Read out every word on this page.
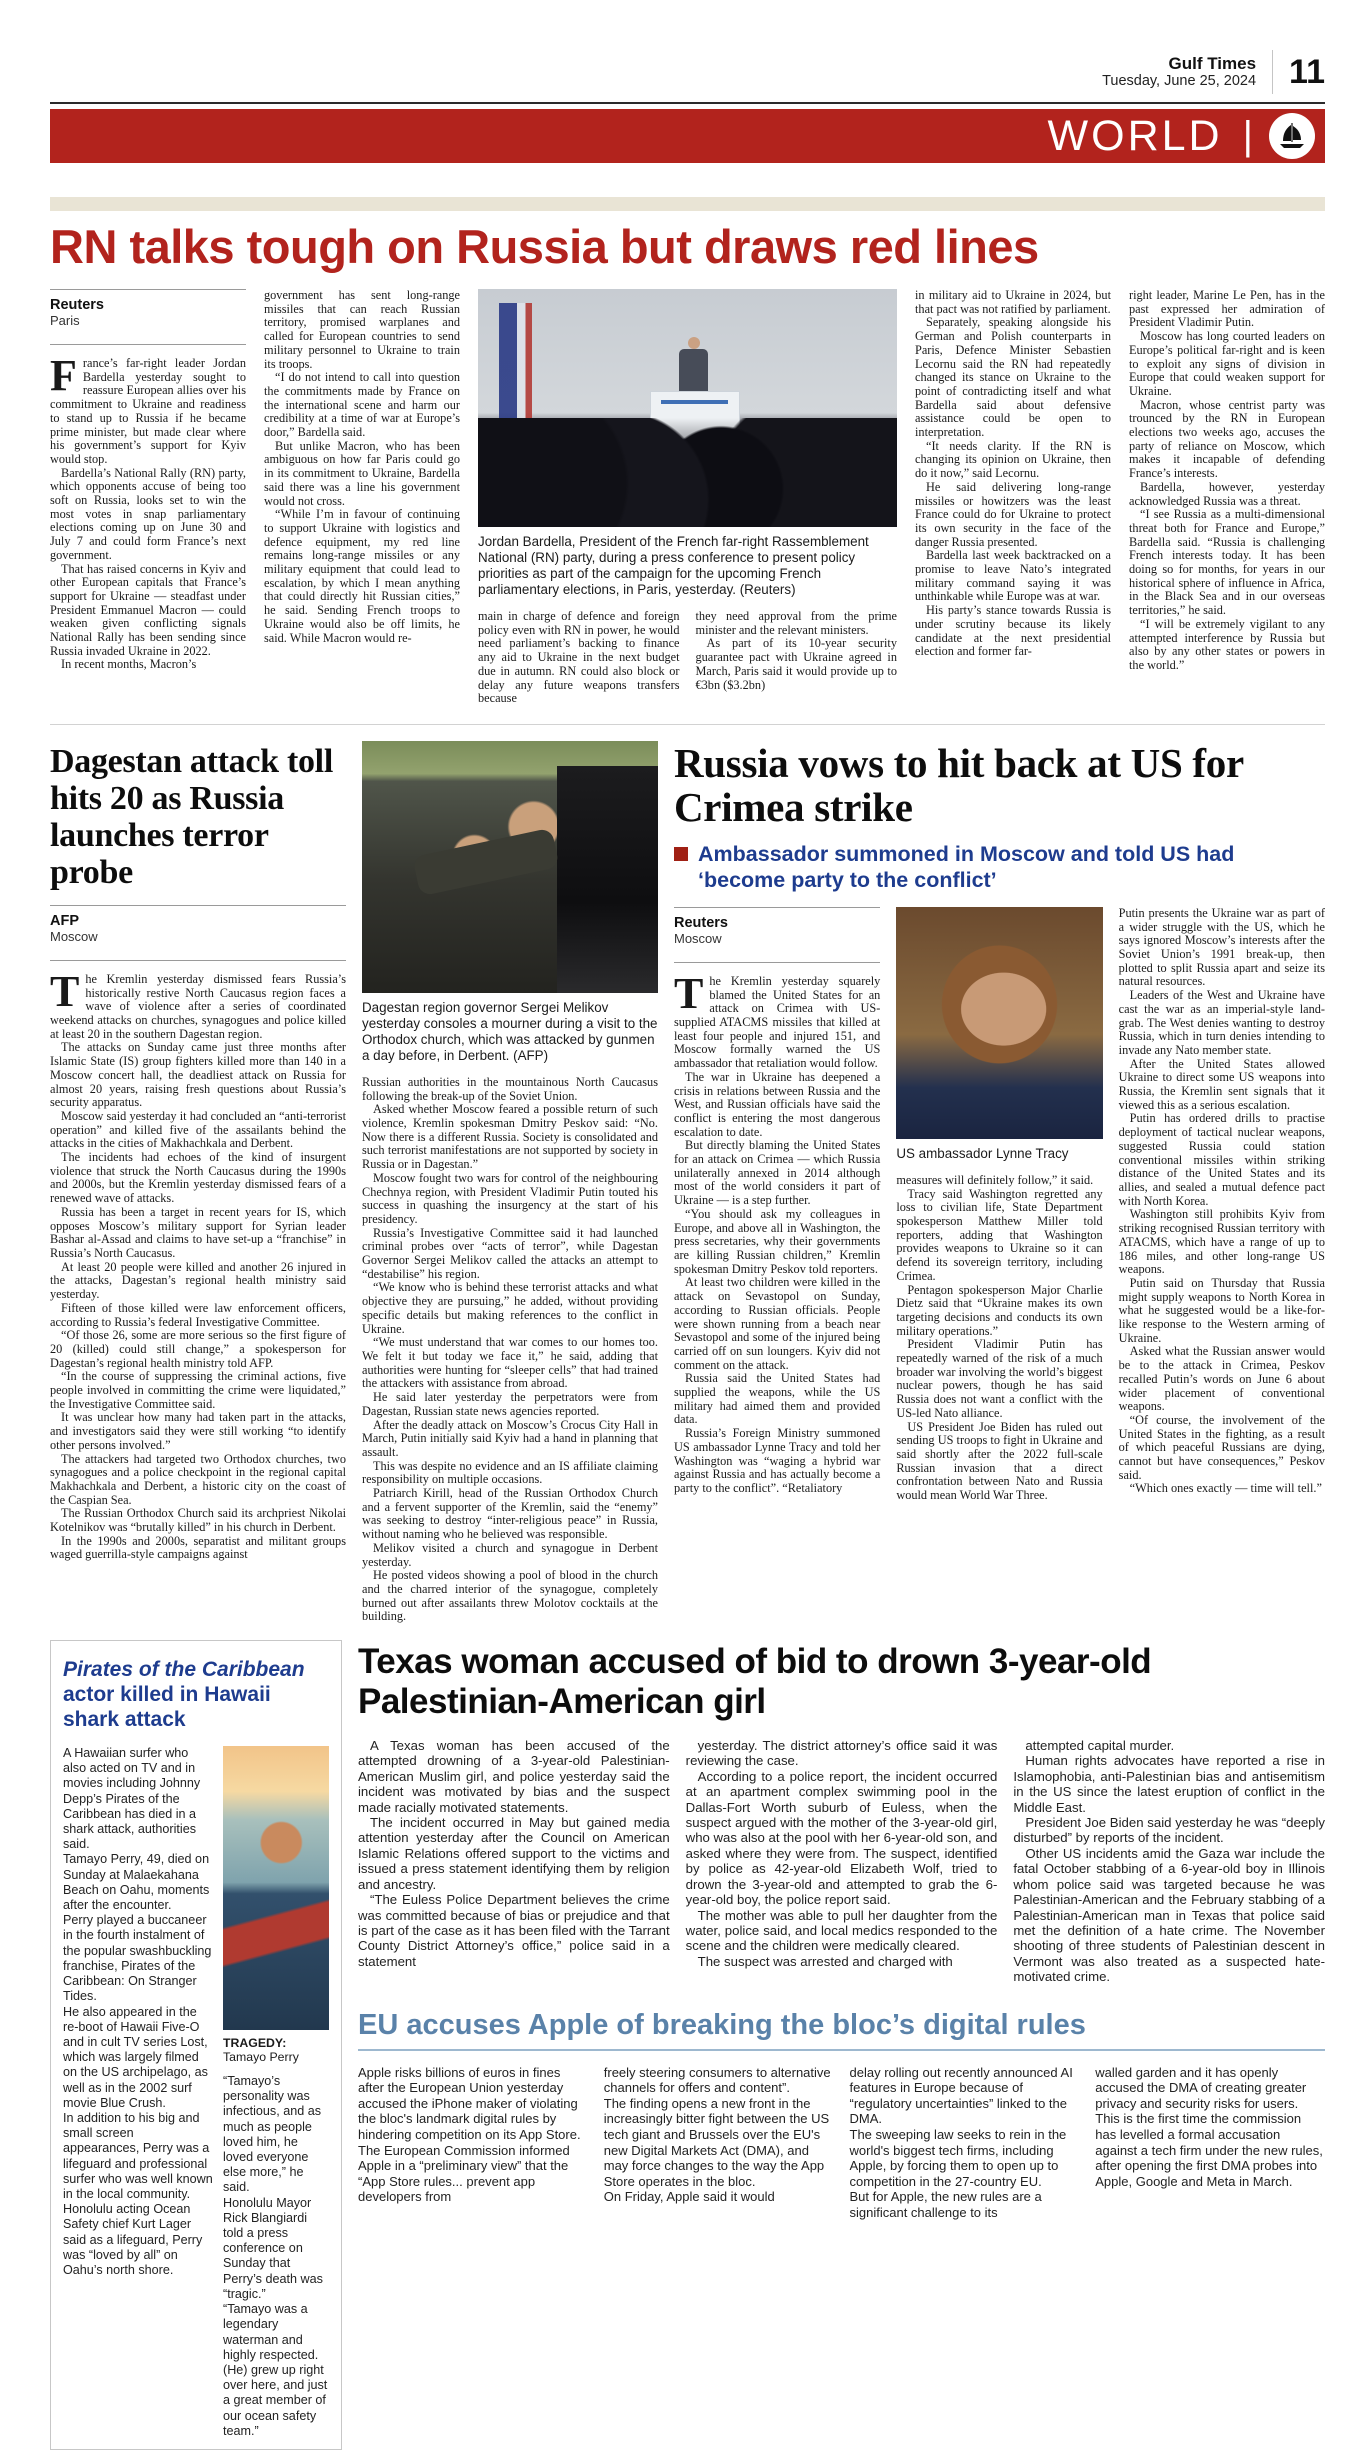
Gulf Times
Tuesday, June 25, 2024 11
WORLD |
RN talks tough on Russia but draws red lines
Reuters
Paris

France’s far-right leader Jordan Bardella yesterday sought to reassure European allies over his commitment to Ukraine and readiness to stand up to Russia if he became prime minister, but made clear where his government’s support for Kyiv would stop.

Bardella’s National Rally (RN) party, which opponents accuse of being too soft on Russia, looks set to win the most votes in snap parliamentary elections coming up on June 30 and July 7 and could form France’s next government.

That has raised concerns in Kyiv and other European capitals that France’s support for Ukraine — steadfast under President Emmanuel Macron — could weaken given conflicting signals National Rally has been sending since Russia invaded Ukraine in 2022.

In recent months, Macron’s

government has sent long-range missiles that can reach Russian territory, promised warplanes and called for European countries to send military personnel to Ukraine to train its troops.

“I do not intend to call into question the commitments made by France on the international scene and harm our credibility at a time of war at Europe’s door,” Bardella said.

But unlike Macron, who has been ambiguous on how far Paris could go in its commitment to Ukraine, Bardella said there was a line his government would not cross.

“While I’m in favour of continuing to support Ukraine with logistics and defence equipment, my red line remains long-range missiles or any military equipment that could lead to escalation, by which I mean anything that could directly hit Russian cities,” he said. Sending French troops to Ukraine would also be off limits, he said. While Macron would re-

Jordan Bardella, President of the French far-right Rassemblement National (RN) party, during a press conference to present policy priorities as part of the campaign for the upcoming French parliamentary elections, in Paris, yesterday. (Reuters)

main in charge of defence and foreign policy even with RN in power, he would need parliament’s backing to finance any aid to Ukraine in the next budget due in autumn. RN could also block or delay any future weapons transfers because

they need approval from the prime minister and the relevant ministers.

As part of its 10-year security guarantee pact with Ukraine agreed in March, Paris said it would provide up to €3bn ($3.2bn)

in military aid to Ukraine in 2024, but that pact was not ratified by parliament.

Separately, speaking alongside his German and Polish counterparts in Paris, Defence Minister Sebastien Lecornu said the RN had repeatedly changed its stance on Ukraine to the point of contradicting itself and what Bardella said about defensive assistance could be open to interpretation.

“It needs clarity. If the RN is changing its opinion on Ukraine, then do it now,” said Lecornu.

He said delivering long-range missiles or howitzers was the least France could do for Ukraine to protect its own security in the face of the danger Russia presented.

Bardella last week backtracked on a promise to leave Nato’s integrated military command saying it was unthinkable while Europe was at war.

His party’s stance towards Russia is under scrutiny because its likely candidate at the next presidential election and former far-

right leader, Marine Le Pen, has in the past expressed her admiration of President Vladimir Putin.

Moscow has long courted leaders on Europe’s political far-right and is keen to exploit any signs of division in Europe that could weaken support for Ukraine.

Macron, whose centrist party was trounced by the RN in European elections two weeks ago, accuses the party of reliance on Moscow, which makes it incapable of defending France’s interests.

Bardella, however, yesterday acknowledged Russia was a threat.

“I see Russia as a multi-dimensional threat both for France and Europe,” Bardella said. “Russia is challenging French interests today. It has been doing so for months, for years in our historical sphere of influence in Africa, in the Black Sea and in our overseas territories,” he said.

“I will be extremely vigilant to any attempted interference by Russia but also by any other states or powers in the world.”

Dagestan attack toll hits 20 as Russia launches terror probe
AFP
Moscow

The Kremlin yesterday dismissed fears Russia’s historically restive North Caucasus region faces a wave of violence after a series of coordinated weekend attacks on churches, synagogues and police killed at least 20 in the southern Dagestan region.

The attacks on Sunday came just three months after Islamic State (IS) group fighters killed more than 140 in a Moscow concert hall, the deadliest attack on Russia for almost 20 years, raising fresh questions about Russia’s security apparatus.

Moscow said yesterday it had concluded an “anti-terrorist operation” and killed five of the assailants behind the attacks in the cities of Makhachkala and Derbent.

The incidents had echoes of the kind of insurgent violence that struck the North Caucasus during the 1990s and 2000s, but the Kremlin yesterday dismissed fears of a renewed wave of attacks.

Russia has been a target in recent years for IS, which opposes Moscow’s military support for Syrian leader Bashar al-Assad and claims to have set-up a “franchise” in Russia’s North Caucasus.

At least 20 people were killed and another 26 injured in the attacks, Dagestan’s regional health ministry said yesterday.

Fifteen of those killed were law enforcement officers, according to Russia’s federal Investigative Committee.

“Of those 26, some are more serious so the first figure of 20 (killed) could still change,” a spokesperson for Dagestan’s regional health ministry told AFP.

“In the course of suppressing the criminal actions, five people involved in committing the crime were liquidated,” the Investigative Committee said.

It was unclear how many had taken part in the attacks, and investigators said they were still working “to identify other persons involved.”

The attackers had targeted two Orthodox churches, two synagogues and a police checkpoint in the regional capital Makhachkala and Derbent, a historic city on the coast of the Caspian Sea.

The Russian Orthodox Church said its archpriest Nikolai Kotelnikov was “brutally killed” in his church in Derbent.

In the 1990s and 2000s, separatist and militant groups waged guerrilla-style campaigns against

Dagestan region governor Sergei Melikov yesterday consoles a mourner during a visit to the Orthodox church, which was attacked by gunmen a day before, in Derbent. (AFP)

Russian authorities in the mountainous North Caucasus following the break-up of the Soviet Union.

Asked whether Moscow feared a possible return of such violence, Kremlin spokesman Dmitry Peskov said: “No. Now there is a different Russia. Society is consolidated and such terrorist manifestations are not supported by society in Russia or in Dagestan.”

Moscow fought two wars for control of the neighbouring Chechnya region, with President Vladimir Putin touted his success in quashing the insurgency at the start of his presidency.

Russia’s Investigative Committee said it had launched criminal probes over “acts of terror”, while Dagestan Governor Sergei Melikov called the attacks an attempt to “destabilise” his region.

“We know who is behind these terrorist attacks and what objective they are pursuing,” he added, without providing specific details but making references to the conflict in Ukraine.

“We must understand that war comes to our homes too. We felt it but today we face it,” he said, adding that authorities were hunting for “sleeper cells” that had trained the attackers with assistance from abroad.

He said later yesterday the perpetrators were from Dagestan, Russian state news agencies reported.

After the deadly attack on Moscow’s Crocus City Hall in March, Putin initially said Kyiv had a hand in planning that assault.

This was despite no evidence and an IS affiliate claiming responsibility on multiple occasions.

Patriarch Kirill, head of the Russian Orthodox Church and a fervent supporter of the Kremlin, said the “enemy” was seeking to destroy “inter-religious peace” in Russia, without naming who he believed was responsible.

Melikov visited a church and synagogue in Derbent yesterday.

He posted videos showing a pool of blood in the church and the charred interior of the synagogue, completely burned out after assailants threw Molotov cocktails at the building.

Russia vows to hit back at US for Crimea strike
Ambassador summoned in Moscow and told US had ‘become party to the conflict’
Reuters
Moscow

The Kremlin yesterday squarely blamed the United States for an attack on Crimea with US-supplied ATACMS missiles that killed at least four people and injured 151, and Moscow formally warned the US ambassador that retaliation would follow.

The war in Ukraine has deepened a crisis in relations between Russia and the West, and Russian officials have said the conflict is entering the most dangerous escalation to date.

But directly blaming the United States for an attack on Crimea — which Russia unilaterally annexed in 2014 although most of the world considers it part of Ukraine — is a step further.

“You should ask my colleagues in Europe, and above all in Washington, the press secretaries, why their governments are killing Russian children,” Kremlin spokesman Dmitry Peskov told reporters.

At least two children were killed in the attack on Sevastopol on Sunday, according to Russian officials. People were shown running from a beach near Sevastopol and some of the injured being carried off on sun loungers. Kyiv did not comment on the attack.

Russia said the United States had supplied the weapons, while the US military had aimed them and provided data.

Russia’s Foreign Ministry summoned US ambassador Lynne Tracy and told her Washington was “waging a hybrid war against Russia and has actually become a party to the conflict”. “Retaliatory

US ambassador Lynne Tracy

measures will definitely follow,” it said.

Tracy said Washington regretted any loss to civilian life, State Department spokesperson Matthew Miller told reporters, adding that Washington provides weapons to Ukraine so it can defend its sovereign territory, including Crimea.

Pentagon spokesperson Major Charlie Dietz said that “Ukraine makes its own targeting decisions and conducts its own military operations.”

President Vladimir Putin has repeatedly warned of the risk of a much broader war involving the world’s biggest nuclear powers, though he has said Russia does not want a conflict with the US-led Nato alliance.

US President Joe Biden has ruled out sending US troops to fight in Ukraine and said shortly after the 2022 full-scale Russian invasion that a direct confrontation between Nato and Russia would mean World War Three.

Putin presents the Ukraine war as part of a wider struggle with the US, which he says ignored Moscow’s interests after the Soviet Union’s 1991 break-up, then plotted to split Russia apart and seize its natural resources.

Leaders of the West and Ukraine have cast the war as an imperial-style land-grab. The West denies wanting to destroy Russia, which in turn denies intending to invade any Nato member state.

After the United States allowed Ukraine to direct some US weapons into Russia, the Kremlin sent signals that it viewed this as a serious escalation.

Putin has ordered drills to practise deployment of tactical nuclear weapons, suggested Russia could station conventional missiles within striking distance of the United States and its allies, and sealed a mutual defence pact with North Korea.

Washington still prohibits Kyiv from striking recognised Russian territory with ATACMS, which have a range of up to 186 miles, and other long-range US weapons.

Putin said on Thursday that Russia might supply weapons to North Korea in what he suggested would be a like-for-like response to the Western arming of Ukraine.

Asked what the Russian answer would be to the attack in Crimea, Peskov recalled Putin’s words on June 6 about wider placement of conventional weapons.

“Of course, the involvement of the United States in the fighting, as a result of which peaceful Russians are dying, cannot but have consequences,” Peskov said.

“Which ones exactly — time will tell.”

Pirates of the Caribbean actor killed in Hawaii shark attack

A Hawaiian surfer who also acted on TV and in movies including Johnny Depp’s Pirates of the Caribbean has died in a shark attack, authorities said.

Tamayo Perry, 49, died on Sunday at Malaekahana Beach on Oahu, moments after the encounter.

Perry played a buccaneer in the fourth instalment of the popular swashbuckling franchise, Pirates of the Caribbean: On Stranger Tides.

He also appeared in the re-boot of Hawaii Five-O and in cult TV series Lost, which was largely filmed on the US archipelago, as well as in the 2002 surf movie Blue Crush.

In addition to his big and small screen appearances, Perry was a lifeguard and professional surfer who was well known in the local community.

Honolulu acting Ocean Safety chief Kurt Lager said as a lifeguard, Perry was “loved by all” on Oahu’s north shore.

TRAGEDY: Tamayo Perry

“Tamayo’s personality was infectious, and as much as people loved him, he loved everyone else more,” he said.

Honolulu Mayor Rick Blangiardi told a press conference on Sunday that Perry’s death was “tragic.”

“Tamayo was a legendary waterman and highly respected. (He) grew up right over here, and just a great member of our ocean safety team.”

Texas woman accused of bid to drown 3-year-old Palestinian-American girl

A Texas woman has been accused of the attempted drowning of a 3-year-old Palestinian-American Muslim girl, and police yesterday said the incident was motivated by bias and the suspect made racially motivated statements.

The incident occurred in May but gained media attention yesterday after the Council on American Islamic Relations offered support to the victims and issued a press statement identifying them by religion and ancestry.

“The Euless Police Department believes the crime was committed because of bias or prejudice and that is part of the case as it has been filed with the Tarrant County District Attorney’s office,” police said in a statement

yesterday. The district attorney’s office said it was reviewing the case.

According to a police report, the incident occurred at an apartment complex swimming pool in the Dallas-Fort Worth suburb of Euless, when the suspect argued with the mother of the 3-year-old girl, who was also at the pool with her 6-year-old son, and asked where they were from. The suspect, identified by police as 42-year-old Elizabeth Wolf, tried to drown the 3-year-old and attempted to grab the 6-year-old boy, the police report said.

The mother was able to pull her daughter from the water, police said, and local medics responded to the scene and the children were medically cleared.

The suspect was arrested and charged with

attempted capital murder.

Human rights advocates have reported a rise in Islamophobia, anti-Palestinian bias and antisemitism in the US since the latest eruption of conflict in the Middle East.

President Joe Biden said yesterday he was “deeply disturbed” by reports of the incident.

Other US incidents amid the Gaza war include the fatal October stabbing of a 6-year-old boy in Illinois whom police said was targeted because he was Palestinian-American and the February stabbing of a Palestinian-American man in Texas that police said met the definition of a hate crime. The November shooting of three students of Palestinian descent in Vermont was also treated as a suspected hate-motivated crime.

EU accuses Apple of breaking the bloc’s digital rules

Apple risks billions of euros in fines after the European Union yesterday accused the iPhone maker of violating the bloc's landmark digital rules by hindering competition on its App Store.

The European Commission informed Apple in a “preliminary view” that the “App Store rules... prevent app developers from

freely steering consumers to alternative channels for offers and content”.

The finding opens a new front in the increasingly bitter fight between the US tech giant and Brussels over the EU's new Digital Markets Act (DMA), and may force changes to the way the App Store operates in the bloc.

On Friday, Apple said it would

delay rolling out recently announced AI features in Europe because of “regulatory uncertainties” linked to the DMA.

The sweeping law seeks to rein in the world's biggest tech firms, including Apple, by forcing them to open up to competition in the 27-country EU.

But for Apple, the new rules are a significant challenge to its

walled garden and it has openly accused the DMA of creating greater privacy and security risks for users.

This is the first time the commission has levelled a formal accusation against a tech firm under the new rules, after opening the first DMA probes into Apple, Google and Meta in March.
